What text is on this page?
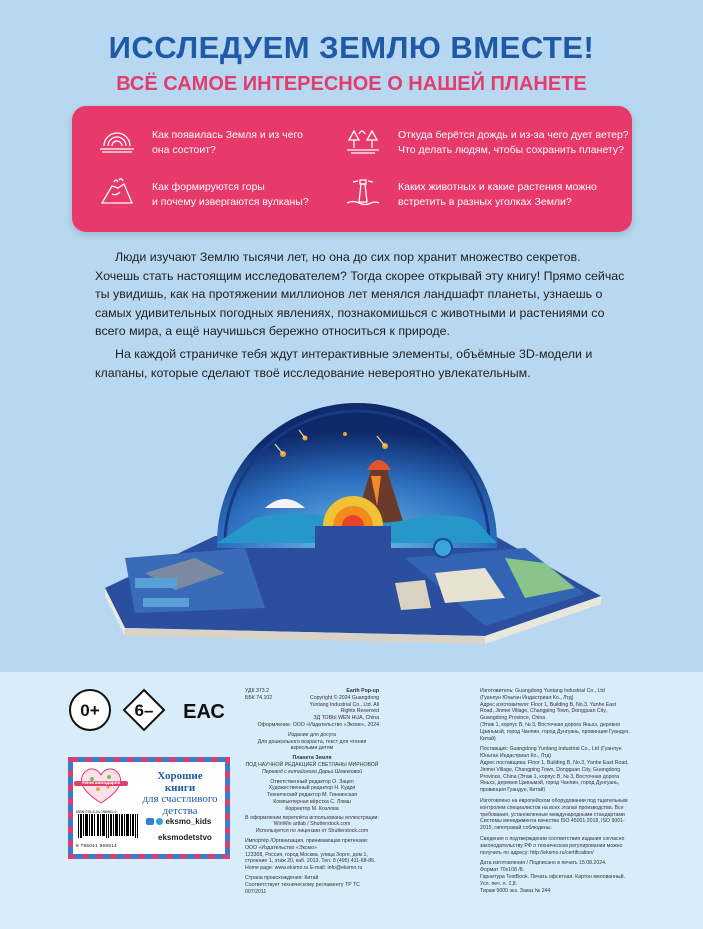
ИССЛЕДУЕМ ЗЕМЛЮ ВМЕСТЕ!
ВСЁ САМОЕ ИНТЕРЕСНОЕ О НАШЕЙ ПЛАНЕТЕ
Как появилась Земля и из чего
она состоит?
Откуда берётся дождь и из-за чего дует ветер?
Что делать людям, чтобы сохранить планету?
Как формируются горы
и почему извергаются вулканы?
Каких животных и какие растения можно
встретить в разных уголках Земли?

Люди изучают Землю тысячи лет, но она до сих пор хранит множество секретов. Хочешь стать настоящим исследователем? Тогда скорее открывай эту книгу! Прямо сейчас ты увидишь, как на протяжении миллионов лет менялся ландшафт планеты, узнаешь о самых удивительных погодных явлениях, познакомишься с животными и растениями со всего мира, а ещё научишься бережно относиться к природе.

На каждой страничке тебя ждут интерактивные элементы, объёмные 3D-модели и клапаны, которые сделают твоё исследование невероятно увлекательным.

0+ 6– ЕАС
#книгавподарок
Хорошие
книги
для счастливого
детства
ISBN 978-5-04-196961-4
9 785041 969614
eksmo_kids
eksmodetstvo
УДК 373.2
ББК 74.102
Earth Pop-up
Copyright © 2024 Guangdong Yuntang Industrial Co., Ltd. All Rights Reserved
ЗД ТОВЫ WEN HUA, China
Оформление. ООО «Издательство «Эксмо», 2024
Издание для досуга
Для дошкольного возраста, текст для чтения взрослыми детям
Планета Земля
ПОД НАУЧНОЙ РЕДАКЦИЕЙ СВЕТЛАНЫ МИРНОВОЙ
Перевод с китайского Дарьи Шланковой
Ответственный редактор О. Зацеп
Художественный редактор Н. Кудри
Технический редактор М. Гиннинская
Компьютерная вёрстка С. Лямш
Корректор М. Козлова
В оформлении переплёта использованы иллюстрации:
WinWin artlab / Shutterstock.com
Используется по лицензии от Shutterstock.com
Импортёр /Организация, принимающая претензии:
ООО «Издательство «Эксмо»
123308, Россия, город Москва, улица Зорге, дом 1, строение 1, этаж 20, каб. 2013. Тел. 8 (495) 411-68-86.
Home page: www.eksmo.ru E-mail: info@eksmo.ru
Страна происхождения: Китай
Соответствует техническому регламенту ТР ТС 007/2011
Изготовитель: Guangdong Yuntang Industrial Co., Ltd
(Гуанлун Юньтан Индастриал Ко., Лтд)
Адрес изготовителя: Floor 1, Building B, No.3, Yanhe East Road, Jinmei Village, Changping Town, Dongguan City, Guangdong Province, China
(Этаж 1, корпус В, № 3, Восточная дорога Яньхэ, деревня Цзиньмэй, город Чанпин, город Дунгуань, провинция Гуандун, Китай)
Поставщик: Guangdong Yuntang Industrial Co., Ltd (Гуанлун Юньтан Индастриал Ко., Лтд)
Адрес поставщика: Floor 1, Building B, No.3, Yanhe East Road, Jinmei Village, Changping Town, Dongguan City, Guangdong Province, China (Этаж 1, корпус В, № 3, Восточная дорога Яньхэ, деревня Цзиньмэй, город Чанпин, город Дунгуань, провинция Гуандун, Китай)
Изготовлено на европейском оборудовании под тщательным контролем специалистов на всех этапах производства. Все требования, установленные международными стандартами Системы менеджмента качества ISO 45001:2018, ISO 9001-2015, гипотравай соблюдены.
Сведения о подтверждении соответствия издания согласно законодательству РФ о техническом регулировании можно получить по адресу: http://eksmo.ru/certification/
Дата изготовления / Подписано в печать 15.08.2024.
Формат 70х108 /8.
Гарнитура TextBook. Печать офсетная. Картон мелованный.
Усл. печ. л. 2,8.
Тираж 5000 экз. Заказ № 244
